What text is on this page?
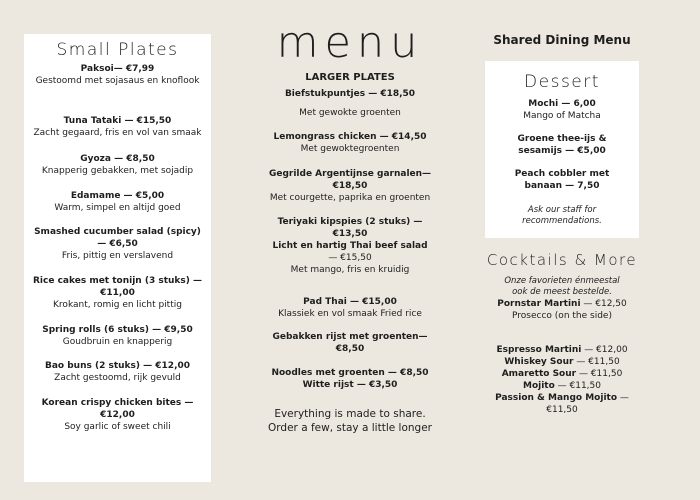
Small Plates
Paksoi— €7,99
Gestoomd met sojasaus en knoflook
Tuna Tataki — €15,50
Zacht gegaard, fris en vol van smaak
Gyoza — €8,50
Knapperig gebakken, met sojadip
Edamame — €5,00
Warm, simpel en altijd goed
Smashed cucumber salad (spicy) — €6,50
Fris, pittig en verslavend
Rice cakes met tonijn (3 stuks) — €11,00
Krokant, romig en licht pittig
Spring rolls (6 stuks) — €9,50
Goudbruin en knapperig
Bao buns (2 stuks) — €12,00
Zacht gestoomd, rijk gevuld
Korean crispy chicken bites — €12,00
Soy garlic of sweet chili
menu
LARGER PLATES
Biefstukpuntjes — €18,50
Met gewokte groenten
Lemongrass chicken — €14,50
Met gewoktegroenten
Gegrilde Argentijnse garnalen— €18,50
Met courgette, paprika en groenten
Teriyaki kipspies (2 stuks) — €13,50
Licht en hartig Thai beef salad — €15,50
Met mango, fris en kruidig
Pad Thai — €15,00
Klassiek en vol smaak Fried rice
Gebakken rijst met groenten— €8,50
Noodles met groenten — €8,50
Witte rijst — €3,50
Everything is made to share.
Order a few, stay a little longer
Shared Dining Menu
Dessert
Mochi — 6,00
Mango of Matcha
Groene thee-ijs & sesamijs — €5,00
Peach cobbler met banaan — 7,50
Ask our staff for recommendations.
Cocktails & More
Onze favorieten énmeestal ook de meest bestelde.
Pornstar Martini — €12,50
Prosecco (on the side)
Espresso Martini — €12,00
Whiskey Sour — €11,50
Amaretto Sour — €11,50
Mojito — €11,50
Passion & Mango Mojito — €11,50
